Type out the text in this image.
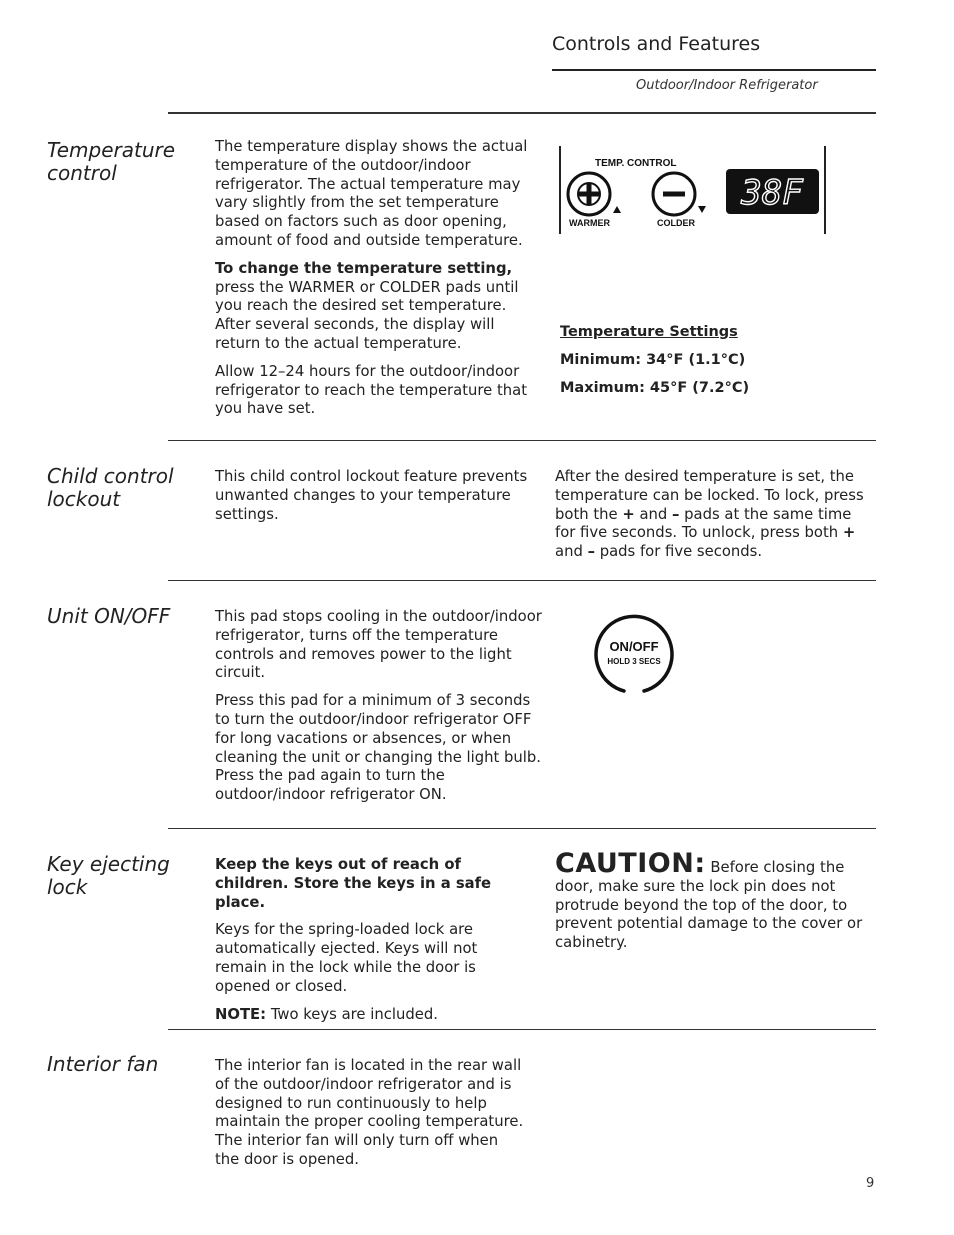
Controls and Features
Outdoor/Indoor Refrigerator
Temperature
control

The temperature display shows the actual temperature of the outdoor/indoor refrigerator. The actual temperature may vary slightly from the set temperature based on factors such as door opening, amount of food and outside temperature.

To change the temperature setting, press the WARMER or COLDER pads until you reach the desired set temperature. After several seconds, the display will return to the actual temperature.

Allow 12–24 hours for the outdoor/indoor refrigerator to reach the temperature that you have set.

TEMP. CONTROL
WARMER	COLDER
38F
Temperature Settings
Minimum: 34°F (1.1°C)
Maximum: 45°F (7.2°C)
Child control
lockout
This child control lockout feature prevents unwanted changes to your temperature settings.
After the desired temperature is set, the temperature can be locked. To lock, press both the + and – pads at the same time for five seconds. To unlock, press both + and – pads for five seconds.
Unit ON/OFF	This pad stops cooling in the outdoor/indoor refrigerator, turns off the temperature controls and removes power to the light circuit.

Press this pad for a minimum of 3 seconds to turn the outdoor/indoor refrigerator OFF for long vacations or absences, or when cleaning the unit or changing the light bulb. Press the pad again to turn the outdoor/indoor refrigerator ON.

ON/OFF
HOLD 3 SECS
Key ejecting
lock

Keep the keys out of reach of children. Store the keys in a safe place.

Keys for the spring-loaded lock are automatically ejected. Keys will not remain in the lock while the door is opened or closed.

NOTE: Two keys are included.

CAUTION: Before closing the door, make sure the lock pin does not protrude beyond the top of the door, to prevent potential damage to the cover or cabinetry.
Interior fan	The interior fan is located in the rear wall of the outdoor/indoor refrigerator and is designed to run continuously to help maintain the proper cooling temperature. The interior fan will only turn off when the door is opened.
9
